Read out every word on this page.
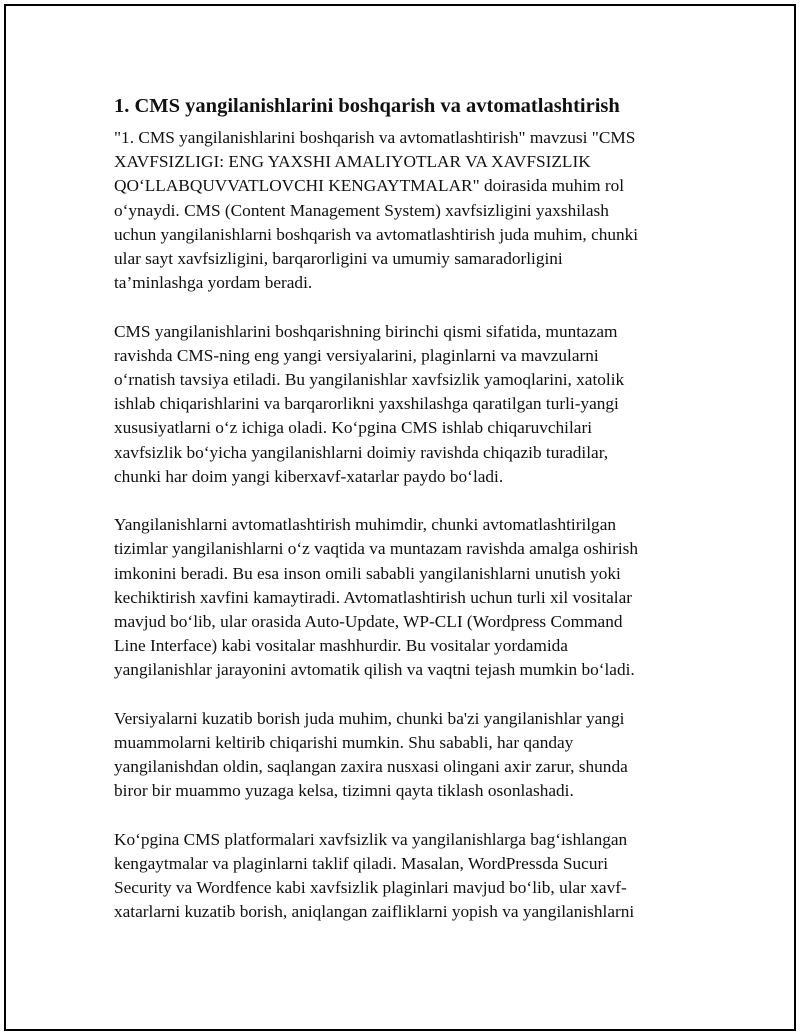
1. CMS yangilanishlarini boshqarish va avtomatlashtirish

"1. CMS yangilanishlarini boshqarish va avtomatlashtirish" mavzusi "CMS
XAVFSIZLIGI: ENG YAXSHI AMALIYOTLAR VA XAVFSIZLIK
QO‘LLABQUVVATLOVCHI KENGAYTMALAR" doirasida muhim rol
o‘ynaydi. CMS (Content Management System) xavfsizligini yaxshilash
uchun yangilanishlarni boshqarish va avtomatlashtirish juda muhim, chunki
ular sayt xavfsizligini, barqarorligini va umumiy samaradorligini
ta’minlashga yordam beradi.

CMS yangilanishlarini boshqarishning birinchi qismi sifatida, muntazam
ravishda CMS-ning eng yangi versiyalarini, plaginlarni va mavzularni
o‘rnatish tavsiya etiladi. Bu yangilanishlar xavfsizlik yamoqlarini, xatolik
ishlab chiqarishlarini va barqarorlikni yaxshilashga qaratilgan turli-yangi
xususiyatlarni o‘z ichiga oladi. Ko‘pgina CMS ishlab chiqaruvchilari
xavfsizlik bo‘yicha yangilanishlarni doimiy ravishda chiqazib turadilar,
chunki har doim yangi kiberxavf-xatarlar paydo bo‘ladi.

Yangilanishlarni avtomatlashtirish muhimdir, chunki avtomatlashtirilgan
tizimlar yangilanishlarni o‘z vaqtida va muntazam ravishda amalga oshirish
imkonini beradi. Bu esa inson omili sababli yangilanishlarni unutish yoki
kechiktirish xavfini kamaytiradi. Avtomatlashtirish uchun turli xil vositalar
mavjud bo‘lib, ular orasida Auto-Update, WP-CLI (Wordpress Command
Line Interface) kabi vositalar mashhurdir. Bu vositalar yordamida
yangilanishlar jarayonini avtomatik qilish va vaqtni tejash mumkin bo‘ladi.

Versiyalarni kuzatib borish juda muhim, chunki ba'zi yangilanishlar yangi
muammolarni keltirib chiqarishi mumkin. Shu sababli, har qanday
yangilanishdan oldin, saqlangan zaxira nusxasi olingani axir zarur, shunda
biror bir muammo yuzaga kelsa, tizimni qayta tiklash osonlashadi.

Ko‘pgina CMS platformalari xavfsizlik va yangilanishlarga bag‘ishlangan
kengaytmalar va plaginlarni taklif qiladi. Masalan, WordPressda Sucuri
Security va Wordfence kabi xavfsizlik plaginlari mavjud bo‘lib, ular xavf-
xatarlarni kuzatib borish, aniqlangan zaifliklarni yopish va yangilanishlarni
